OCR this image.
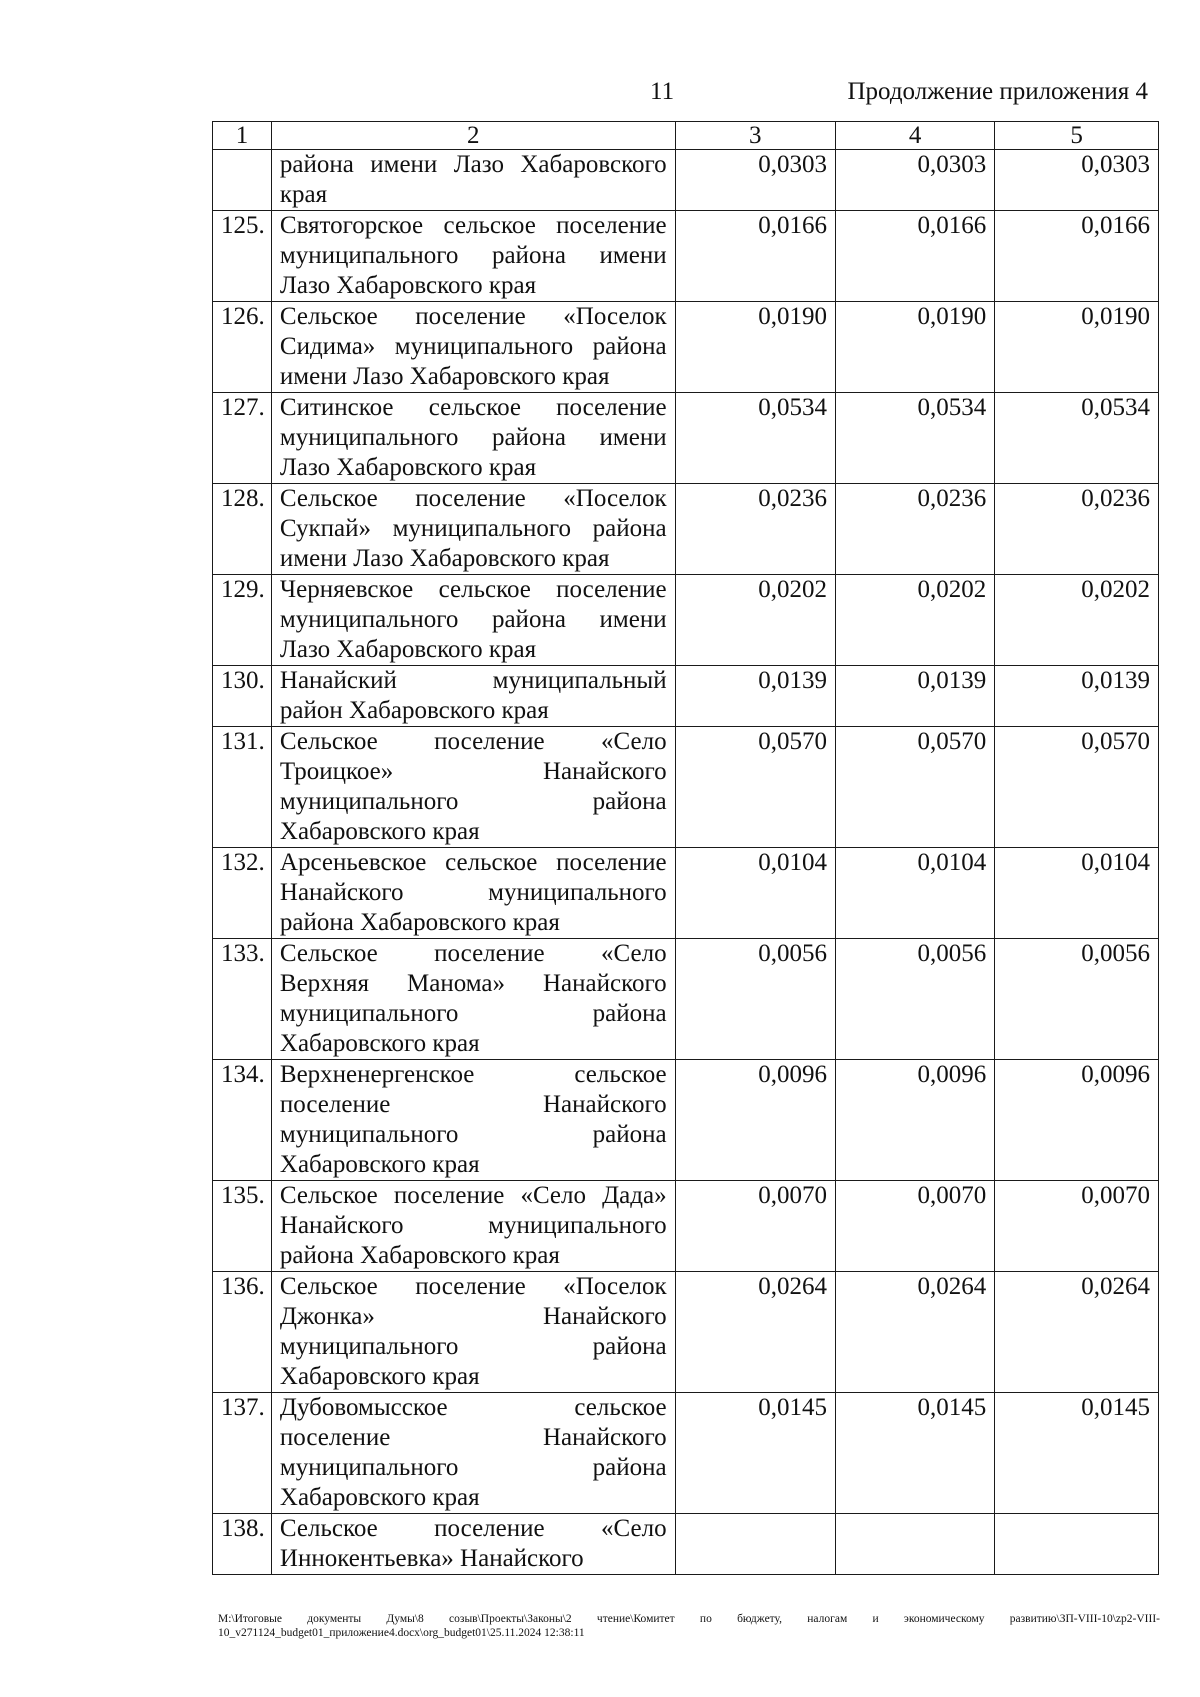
11	Продолжение приложения 4
1	2	3	4	5

	района имени Лазо Хабаровского
края	0,0303	0,0303	0,0303
125.	Святогорское сельское поселение
муниципального района имени
Лазо Хабаровского края	0,0166	0,0166	0,0166
126.	Сельское поселение «Поселок
Сидима» муниципального района
имени Лазо Хабаровского края	0,0190	0,0190	0,0190
127.	Ситинское сельское поселение
муниципального района имени
Лазо Хабаровского края	0,0534	0,0534	0,0534
128.	Сельское поселение «Поселок
Сукпай» муниципального района
имени Лазо Хабаровского края	0,0236	0,0236	0,0236
129.	Черняевское сельское поселение
муниципального района имени
Лазо Хабаровского края	0,0202	0,0202	0,0202
130.	Нанайский муниципальный
район Хабаровского края	0,0139	0,0139	0,0139
131.	Сельское поселение «Село
Троицкое» Нанайского
муниципального района
Хабаровского края	0,0570	0,0570	0,0570
132.	Арсеньевское сельское поселение
Нанайского муниципального
района Хабаровского края	0,0104	0,0104	0,0104
133.	Сельское поселение «Село
Верхняя Манома» Нанайского
муниципального района
Хабаровского края	0,0056	0,0056	0,0056
134.	Верхненергенское сельское
поселение Нанайского
муниципального района
Хабаровского края	0,0096	0,0096	0,0096
135.	Сельское поселение «Село Дада»
Нанайского муниципального
района Хабаровского края	0,0070	0,0070	0,0070
136.	Сельское поселение «Поселок
Джонка» Нанайского
муниципального района
Хабаровского края	0,0264	0,0264	0,0264
137.	Дубовомысское сельское
поселение Нанайского
муниципального района
Хабаровского края	0,0145	0,0145	0,0145
138.	Сельское поселение «Село
Иннокентьевка» Нанайского			

M:\Итоговые документы Думы\8 созыв\Проекты\Законы\2 чтение\Комитет по бюджету, налогам и экономическому развитию\ЗП-VIII-10\zp2-VIII-10_v271124_budget01_приложение4.docx\org_budget01\25.11.2024 12:38:11
